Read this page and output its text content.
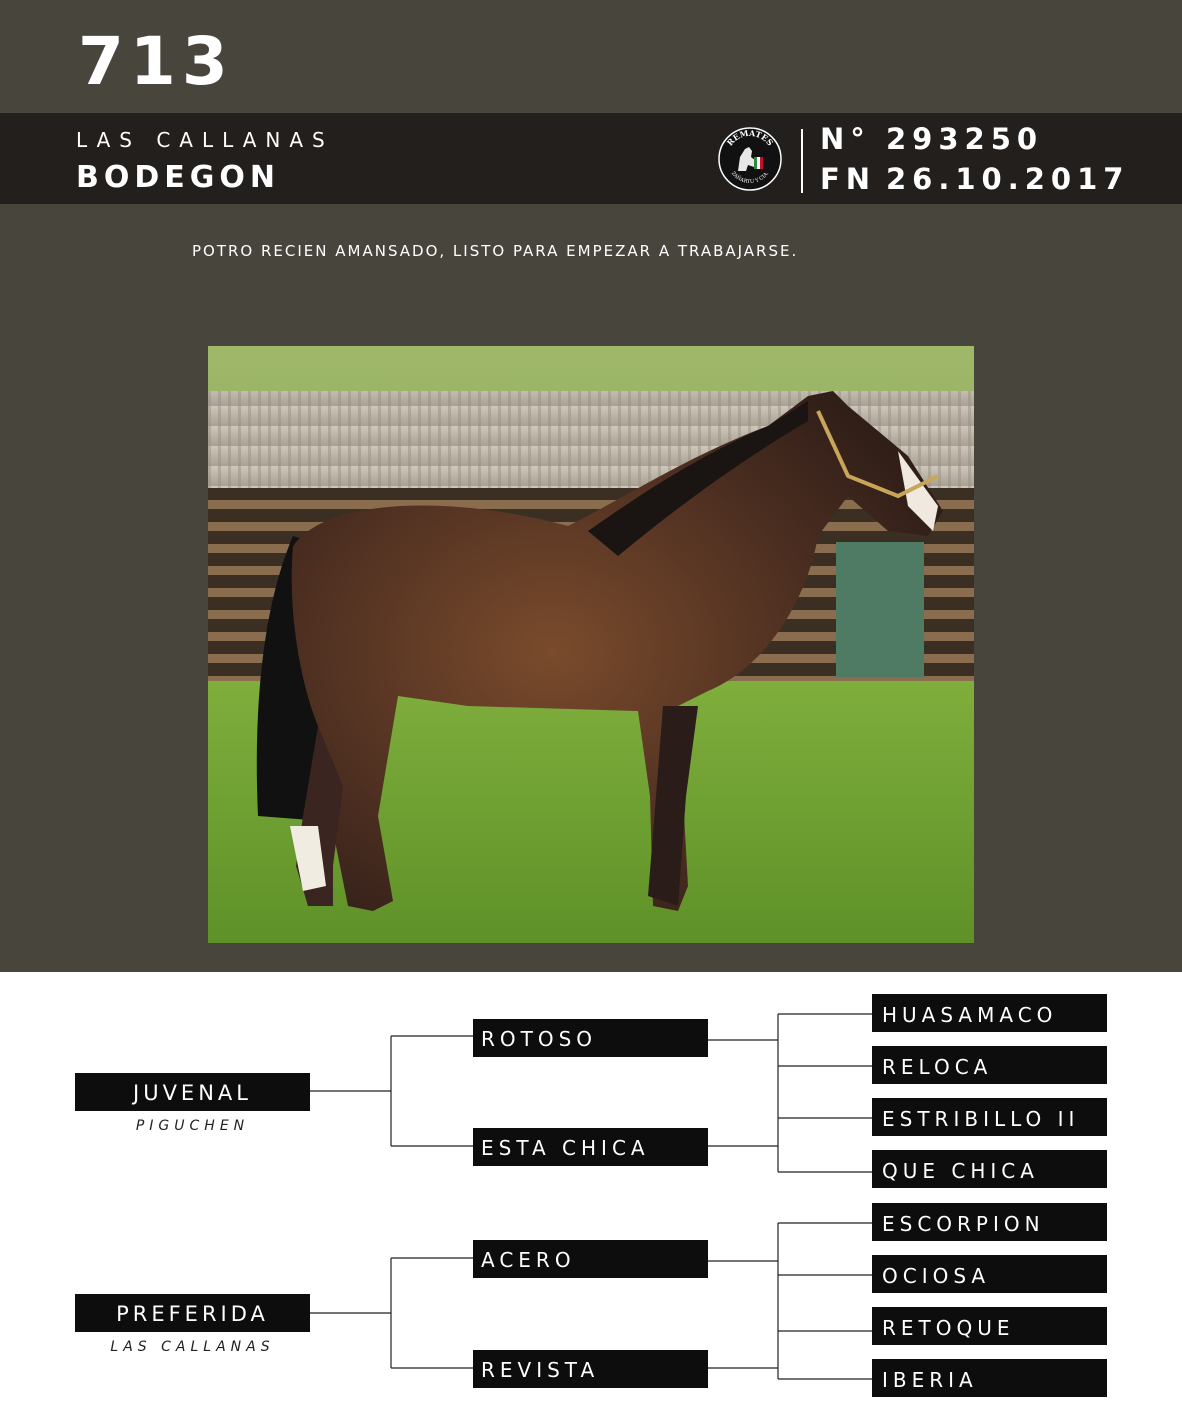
713
LAS CALLANAS
BODEGON
REMATES
ZAÑARTU Y CIA.
N° 293250
FN 26.10.2017
POTRO RECIEN AMANSADO, LISTO PARA EMPEZAR A TRABAJARSE.
JUVENAL
PIGUCHEN
PREFERIDA
LAS CALLANAS
ROTOSO
ESTA CHICA
ACERO
REVISTA
HUASAMACO
RELOCA
ESTRIBILLO II
QUE CHICA
ESCORPION
OCIOSA
RETOQUE
IBERIA
